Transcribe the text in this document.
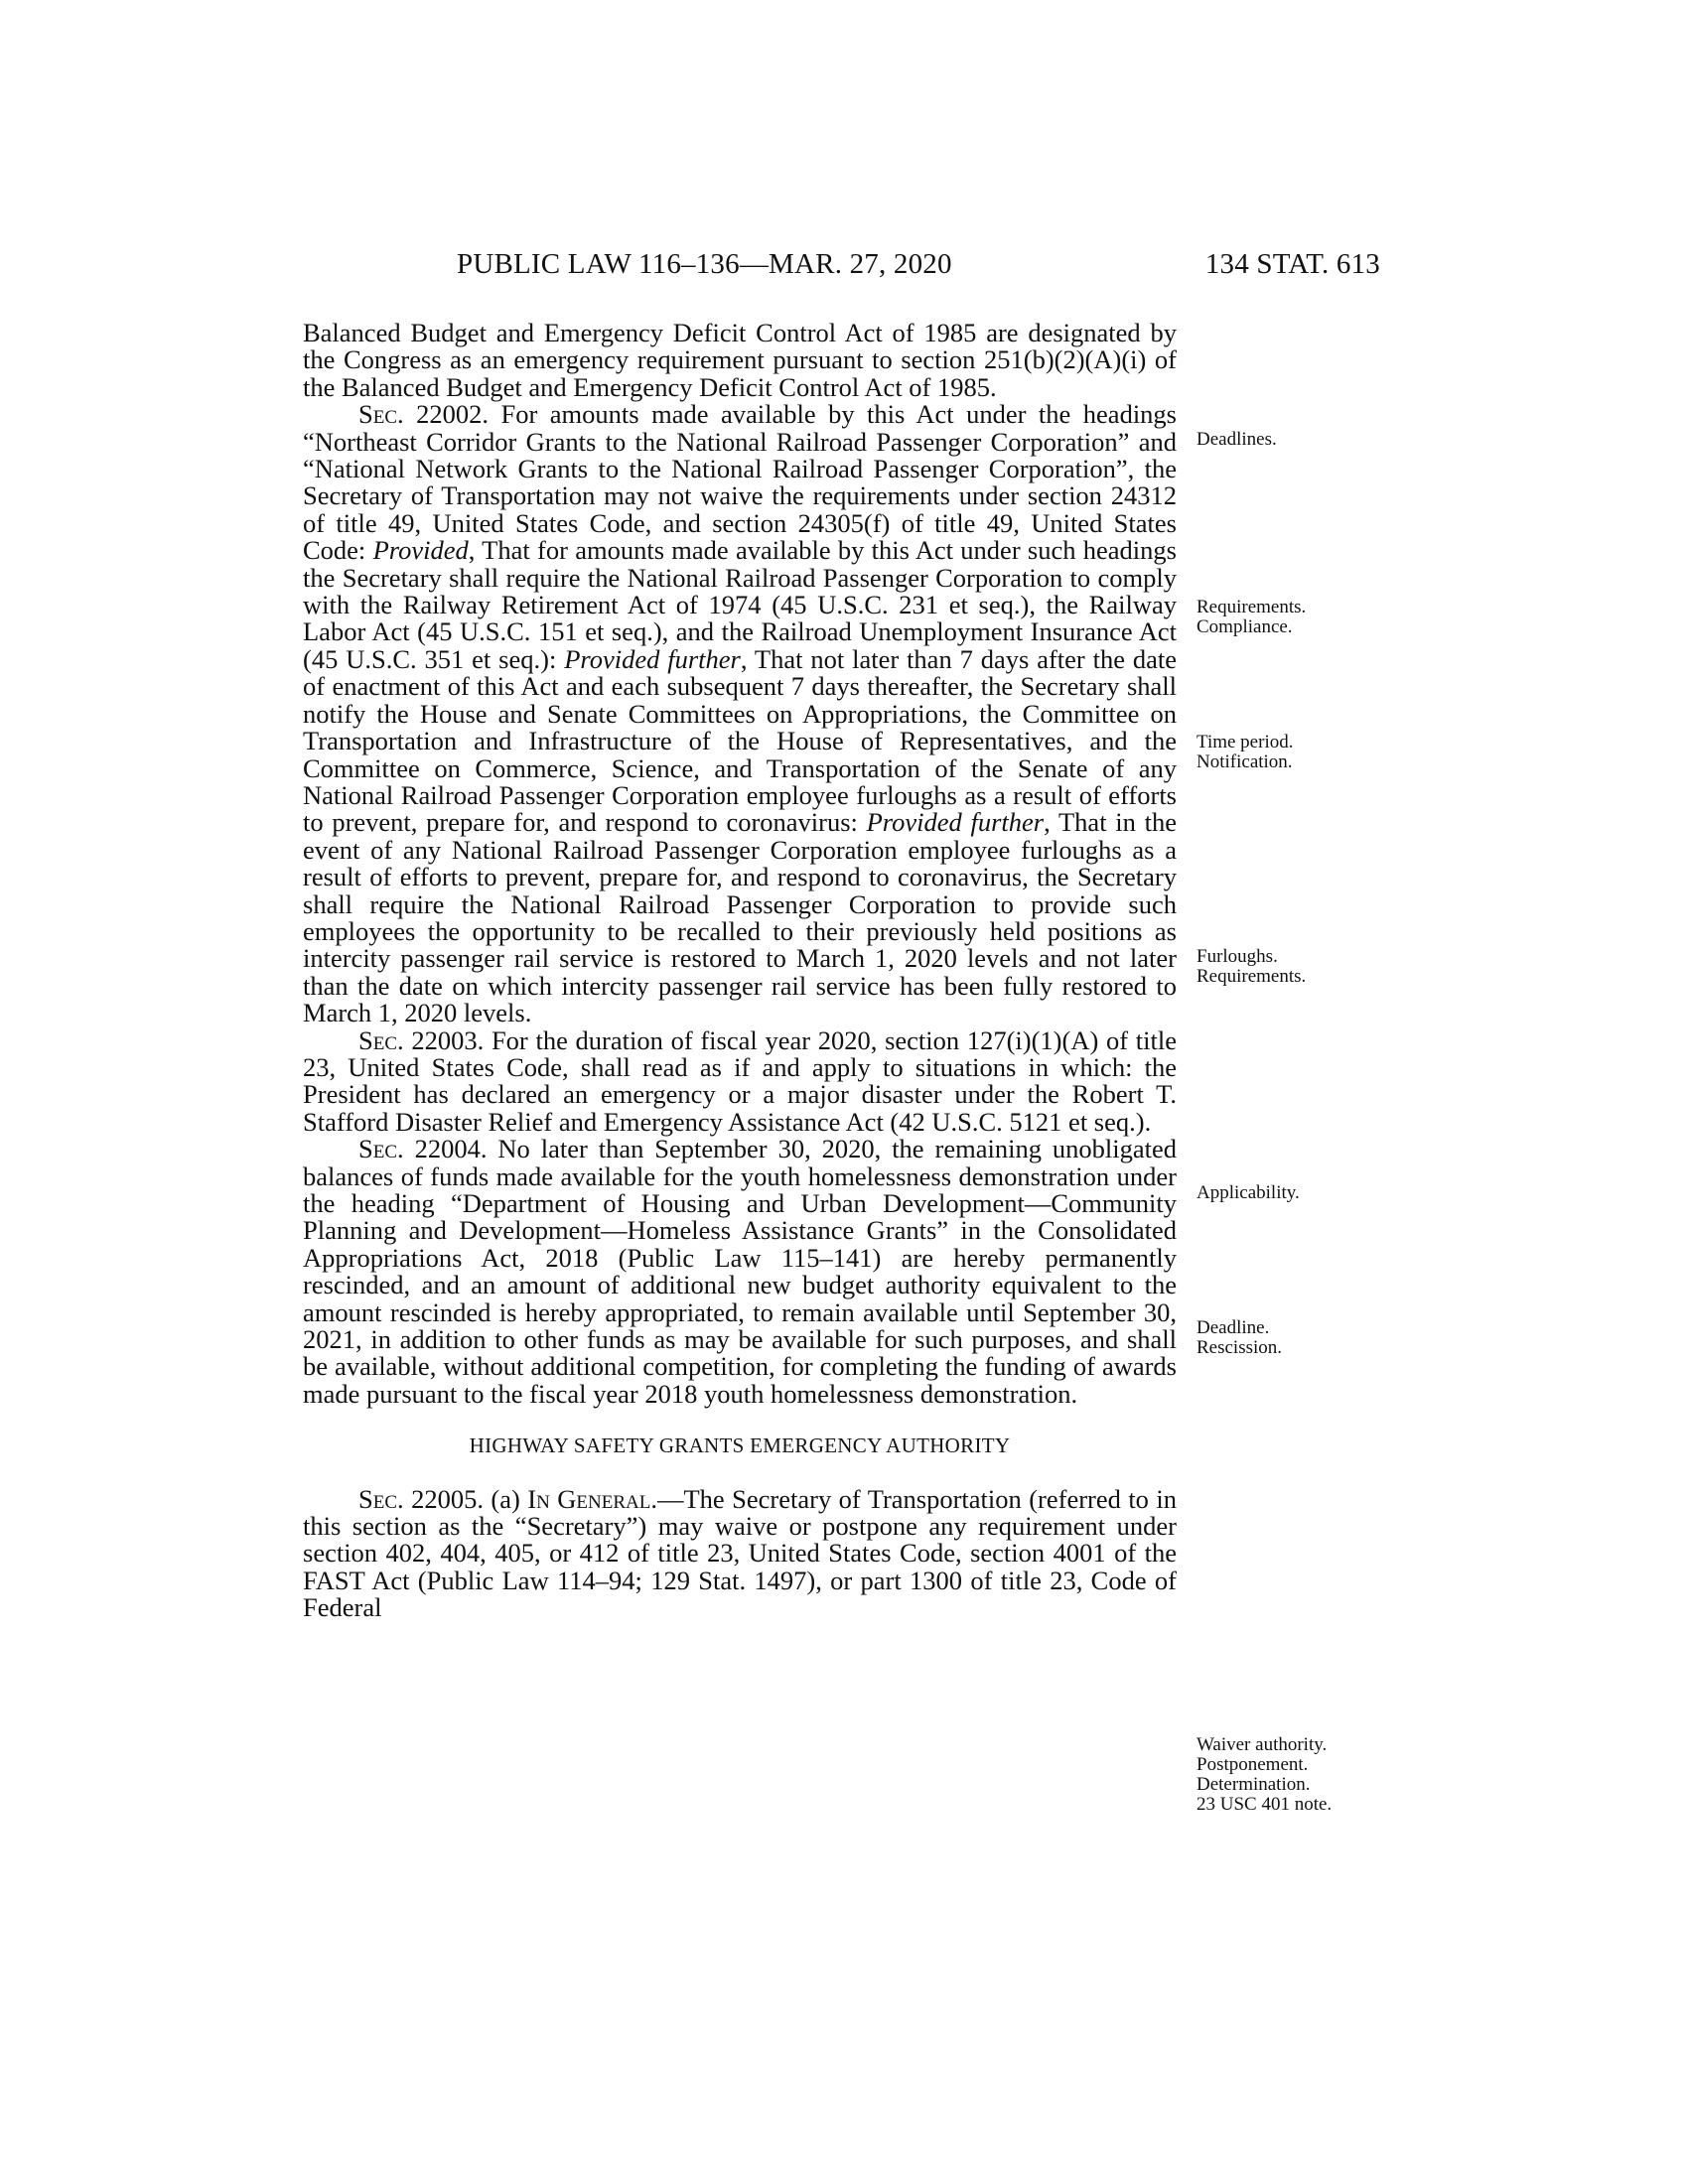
PUBLIC LAW 116–136—MAR. 27, 2020	134 STAT. 613

Balanced Budget and Emergency Deficit Control Act of 1985 are designated by the Congress as an emergency requirement pursuant to section 251(b)(2)(A)(i) of the Balanced Budget and Emergency Deficit Control Act of 1985.

Sec. 22002. For amounts made available by this Act under the headings “Northeast Corridor Grants to the National Railroad Passenger Corporation” and “National Network Grants to the National Railroad Passenger Corporation”, the Secretary of Transportation may not waive the requirements under section 24312 of title 49, United States Code, and section 24305(f) of title 49, United States Code: Provided, That for amounts made available by this Act under such headings the Secretary shall require the National Railroad Passenger Corporation to comply with the Railway Retirement Act of 1974 (45 U.S.C. 231 et seq.), the Railway Labor Act (45 U.S.C. 151 et seq.), and the Railroad Unemployment Insurance Act (45 U.S.C. 351 et seq.): Provided further, That not later than 7 days after the date of enactment of this Act and each subsequent 7 days thereafter, the Secretary shall notify the House and Senate Committees on Appropriations, the Committee on Transportation and Infrastructure of the House of Representatives, and the Committee on Commerce, Science, and Transportation of the Senate of any National Railroad Passenger Corporation employee furloughs as a result of efforts to prevent, prepare for, and respond to coronavirus: Provided further, That in the event of any National Railroad Passenger Corporation employee furloughs as a result of efforts to prevent, prepare for, and respond to coronavirus, the Secretary shall require the National Railroad Passenger Corporation to provide such employees the opportunity to be recalled to their previously held positions as intercity passenger rail service is restored to March 1, 2020 levels and not later than the date on which intercity passenger rail service has been fully restored to March 1, 2020 levels.

Sec. 22003. For the duration of fiscal year 2020, section 127(i)(1)(A) of title 23, United States Code, shall read as if and apply to situations in which: the President has declared an emergency or a major disaster under the Robert T. Stafford Disaster Relief and Emergency Assistance Act (42 U.S.C. 5121 et seq.).

Sec. 22004. No later than September 30, 2020, the remaining unobligated balances of funds made available for the youth homelessness demonstration under the heading “Department of Housing and Urban Development—Community Planning and Development—Homeless Assistance Grants” in the Consolidated Appropriations Act, 2018 (Public Law 115–141) are hereby permanently rescinded, and an amount of additional new budget authority equivalent to the amount rescinded is hereby appropriated, to remain available until September 30, 2021, in addition to other funds as may be available for such purposes, and shall be available, without additional competition, for completing the funding of awards made pursuant to the fiscal year 2018 youth homelessness demonstration.

HIGHWAY SAFETY GRANTS EMERGENCY AUTHORITY

Sec. 22005. (a) In General.—The Secretary of Transportation (referred to in this section as the “Secretary”) may waive or postpone any requirement under section 402, 404, 405, or 412 of title 23, United States Code, section 4001 of the FAST Act (Public Law 114–94; 129 Stat. 1497), or part 1300 of title 23, Code of Federal

Deadlines.
Requirements.
Compliance.
Time period.
Notification.
Furloughs.
Requirements.
Applicability.
Deadline.
Rescission.
Waiver authority.
Postponement.
Determination.
23 USC 401 note.
